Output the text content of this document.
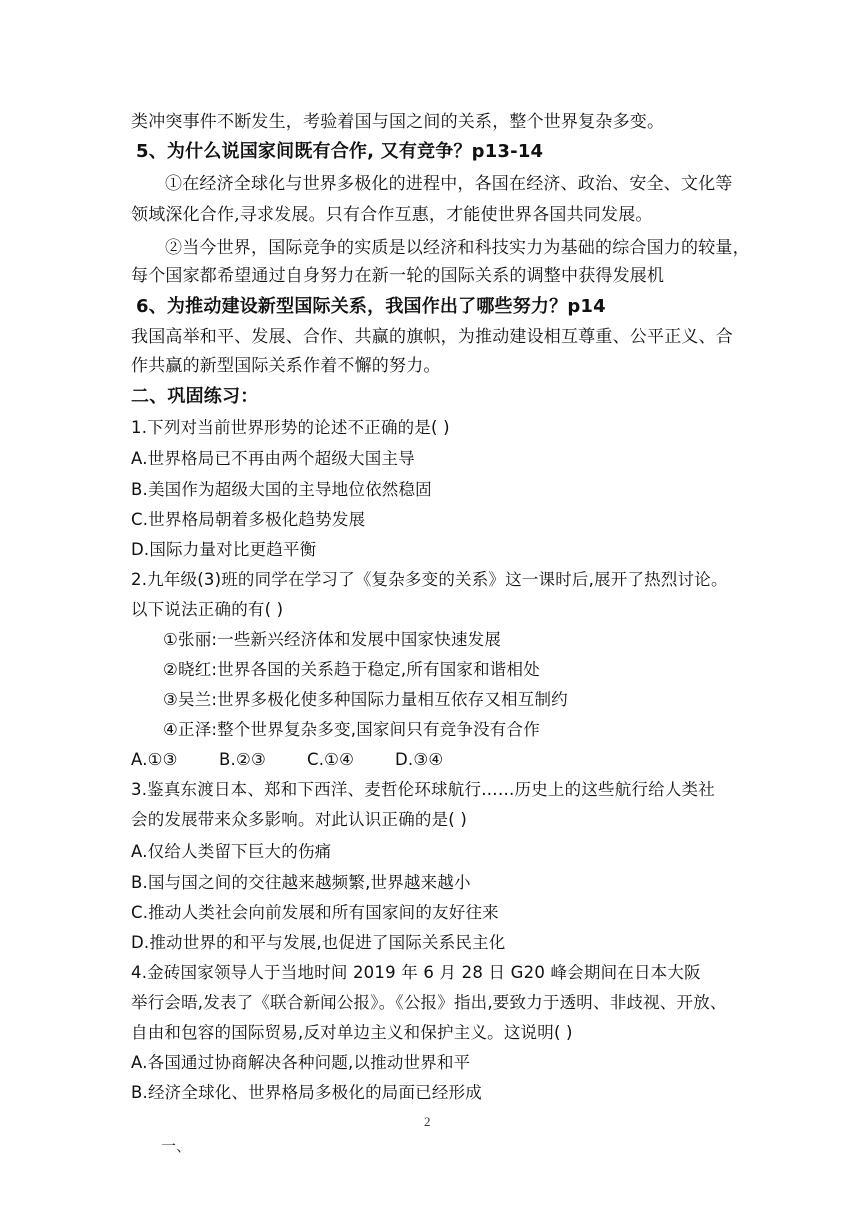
类冲突事件不断发生，考验着国与国之间的关系，整个世界复杂多变。
5、为什么说国家间既有合作, 又有竞争？p13-14
①在经济全球化与世界多极化的进程中，各国在经济、政治、安全、文化等
领域深化合作,寻求发展。只有合作互惠，才能使世界各国共同发展。
②当今世界，国际竞争的实质是以经济和科技实力为基础的综合国力的较量，
每个国家都希望通过自身努力在新一轮的国际关系的调整中获得发展机
6、为推动建设新型国际关系，我国作出了哪些努力？p14
我国高举和平、发展、合作、共赢的旗帜，为推动建设相互尊重、公平正义、合
作共赢的新型国际关系作着不懈的努力。
二、巩固练习：
1.下列对当前世界形势的论述不正确的是( )
A.世界格局已不再由两个超级大国主导
B.美国作为超级大国的主导地位依然稳固
C.世界格局朝着多极化趋势发展
D.国际力量对比更趋平衡
2.九年级(3)班的同学在学习了《复杂多变的关系》这一课时后,展开了热烈讨论。
以下说法正确的有( )
①张丽:一些新兴经济体和发展中国家快速发展
②晓红:世界各国的关系趋于稳定,所有国家和谐相处
③吴兰:世界多极化使多种国际力量相互依存又相互制约
④正泽:整个世界复杂多变,国家间只有竞争没有合作
A.①③	B.②③ C.①④ D.③④
3.鉴真东渡日本、郑和下西洋、麦哲伦环球航行……历史上的这些航行给人类社
会的发展带来众多影响。对此认识正确的是( )
A.仅给人类留下巨大的伤痛
B.国与国之间的交往越来越频繁,世界越来越小
C.推动人类社会向前发展和所有国家间的友好往来
D.推动世界的和平与发展,也促进了国际关系民主化
4.金砖国家领导人于当地时间 2019 年 6 月 28 日 G20 峰会期间在日本大阪
举行会晤,发表了《联合新闻公报》。《公报》指出,要致力于透明、非歧视、开放、
自由和包容的国际贸易,反对单边主义和保护主义。这说明( )
A.各国通过协商解决各种问题,以推动世界和平
B.经济全球化、世界格局多极化的局面已经形成
2
一、
